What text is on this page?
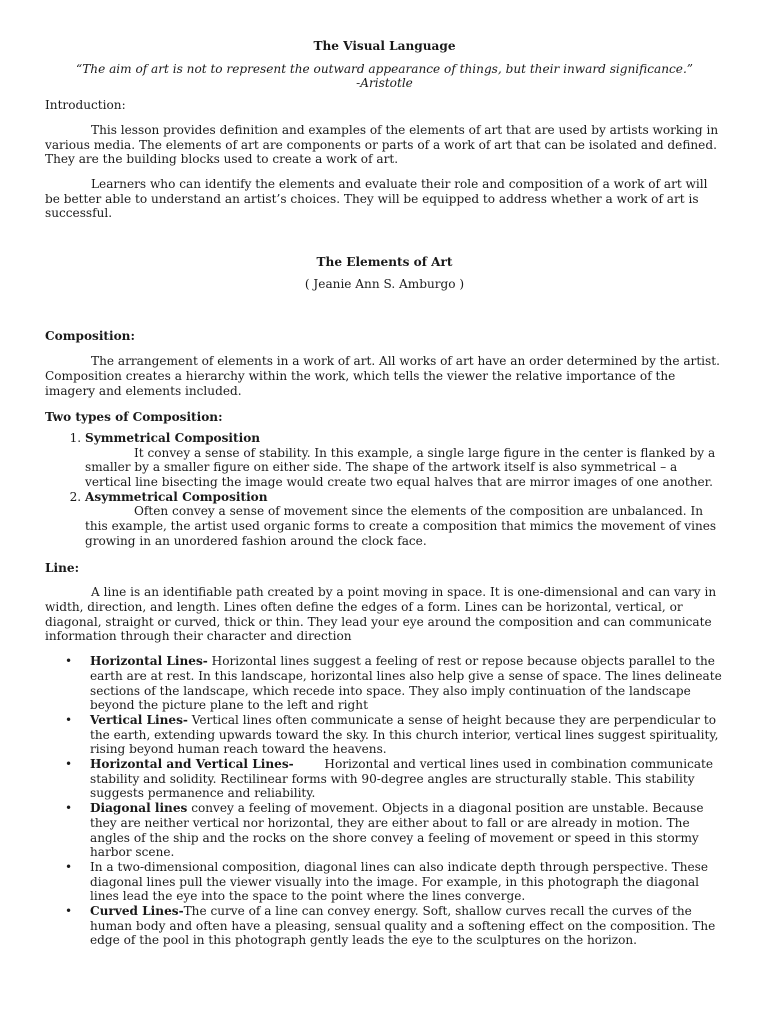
The Visual Language

“The aim of art is not to represent the outward appearance of things, but their inward significance.”

-Aristotle

Introduction:

This lesson provides definition and examples of the elements of art that are used by artists working in various media. The elements of art are components or parts of a work of art that can be isolated and defined. They are the building blocks used to create a work of art.

Learners who can identify the elements and evaluate their role and composition of a work of art will be better able to understand an artist’s choices. They will be equipped to address whether a work of art is successful.

The Elements of Art

( Jeanie Ann S. Amburgo )

Composition:

The arrangement of elements in a work of art. All works of art have an order determined by the artist. Composition creates a hierarchy within the work, which tells the viewer the relative importance of the imagery and elements included.

Two types of Composition:

1. Symmetrical Composition
It convey a sense of stability. In this example, a single large figure in the center is flanked by a smaller by a smaller figure on either side. The shape of the artwork itself is also symmetrical – a vertical line bisecting the image would create two equal halves that are mirror images of one another.
2. Asymmetrical Composition
Often convey a sense of movement since the elements of the composition are unbalanced. In this example, the artist used organic forms to create a composition that mimics the movement of vines growing in an unordered fashion around the clock face.

Line:

A line is an identifiable path created by a point moving in space. It is one-dimensional and can vary in width, direction, and length. Lines often define the edges of a form. Lines can be horizontal, vertical, or diagonal, straight or curved, thick or thin. They lead your eye around the composition and can communicate information through their character and direction

• Horizontal Lines- Horizontal lines suggest a feeling of rest or repose because objects parallel to the earth are at rest. In this landscape, horizontal lines also help give a sense of space. The lines delineate sections of the landscape, which recede into space. They also imply continuation of the landscape beyond the picture plane to the left and right
• Vertical Lines- Vertical lines often communicate a sense of height because they are perpendicular to the earth, extending upwards toward the sky. In this church interior, vertical lines suggest spirituality, rising beyond human reach toward the heavens.
• Horizontal and Vertical Lines-        Horizontal and vertical lines used in combination communicate stability and solidity. Rectilinear forms with 90-degree angles are structurally stable. This stability suggests permanence and reliability.
• Diagonal lines convey a feeling of movement. Objects in a diagonal position are unstable. Because they are neither vertical nor horizontal, they are either about to fall or are already in motion. The angles of the ship and the rocks on the shore convey a feeling of movement or speed in this stormy harbor scene.
• In a two-dimensional composition, diagonal lines can also indicate depth through perspective. These diagonal lines pull the viewer visually into the image. For example, in this photograph the diagonal lines lead the eye into the space to the point where the lines converge.
• Curved Lines-The curve of a line can convey energy. Soft, shallow curves recall the curves of the human body and often have a pleasing, sensual quality and a softening effect on the composition. The edge of the pool in this photograph gently leads the eye to the sculptures on the horizon.
